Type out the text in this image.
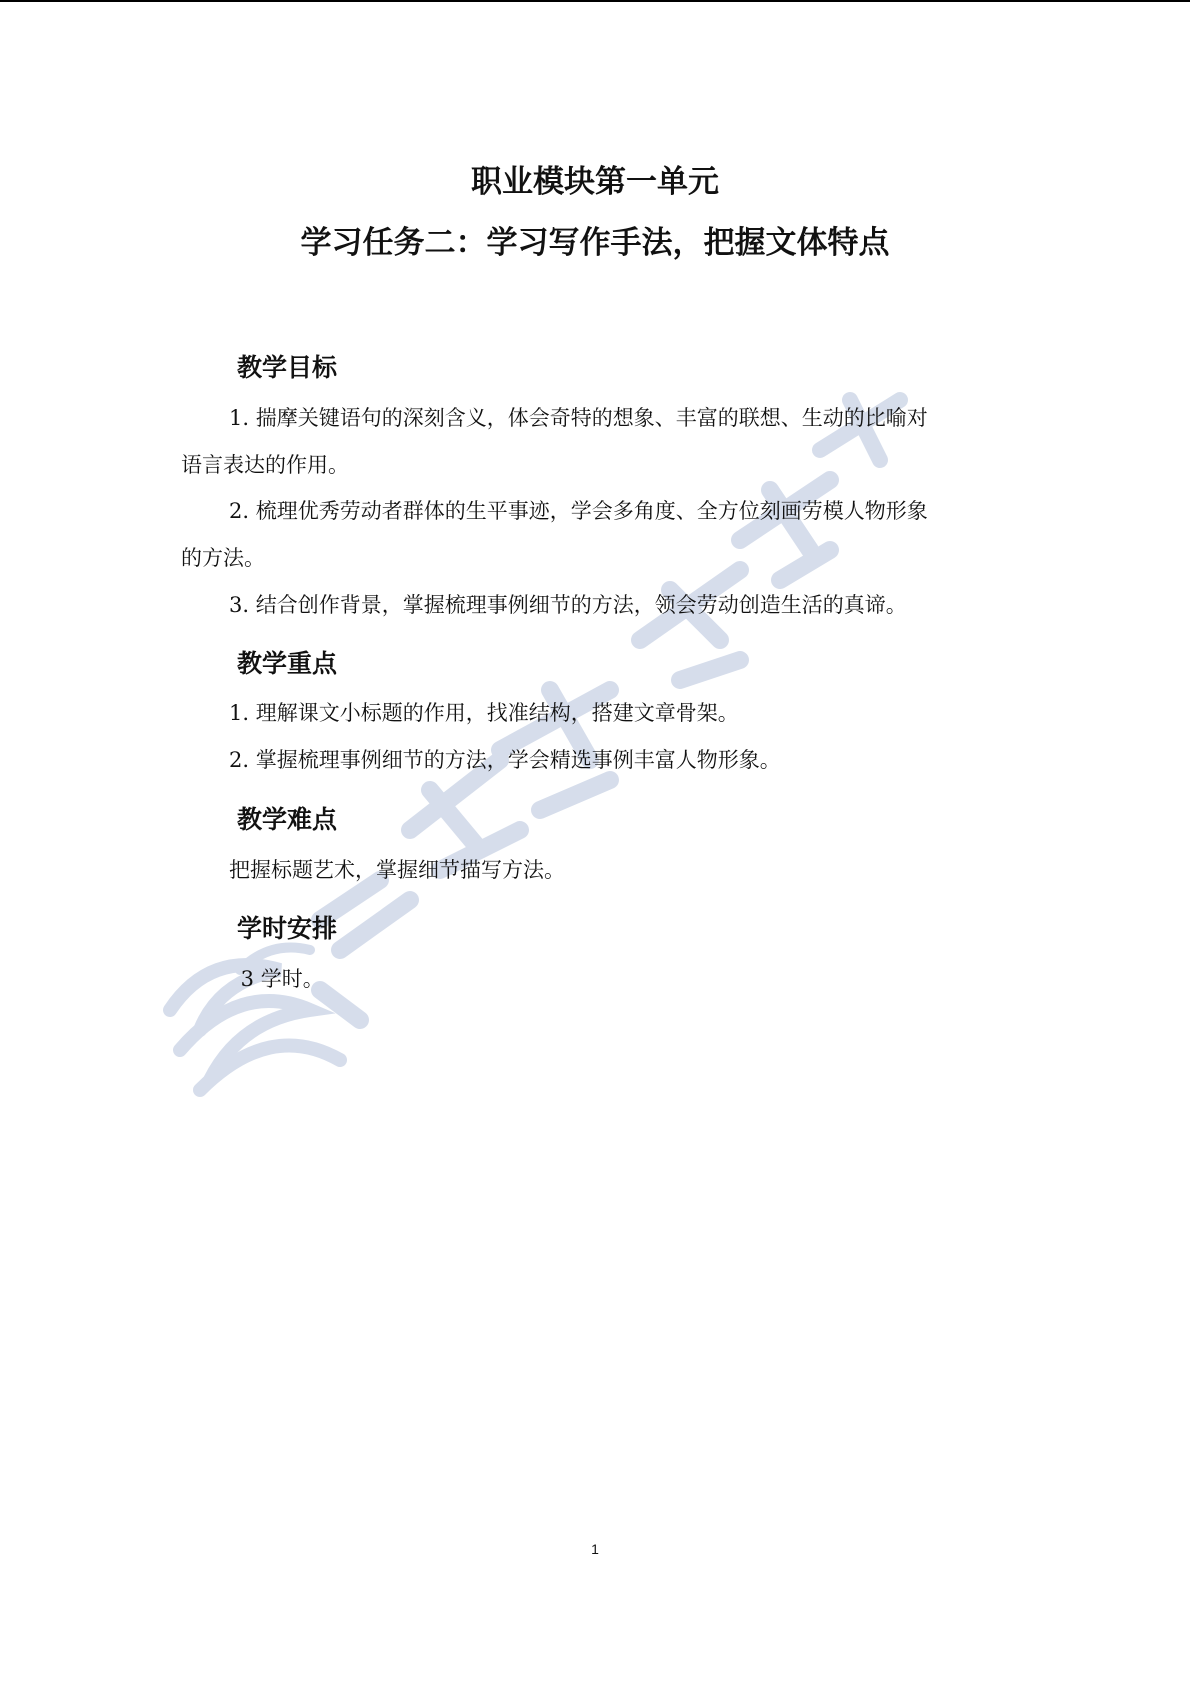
职业模块第一单元
学习任务二：学习写作手法，把握文体特点
教学目标

1. 揣摩关键语句的深刻含义，体会奇特的想象、丰富的联想、生动的比喻对

语言表达的作用。

2. 梳理优秀劳动者群体的生平事迹，学会多角度、全方位刻画劳模人物形象

的方法。

3. 结合创作背景，掌握梳理事例细节的方法，领会劳动创造生活的真谛。

教学重点

1. 理解课文小标题的作用，找准结构，搭建文章骨架。

2. 掌握梳理事例细节的方法，学会精选事例丰富人物形象。

教学难点

把握标题艺术，掌握细节描写方法。

学时安排

3 学时。

1
